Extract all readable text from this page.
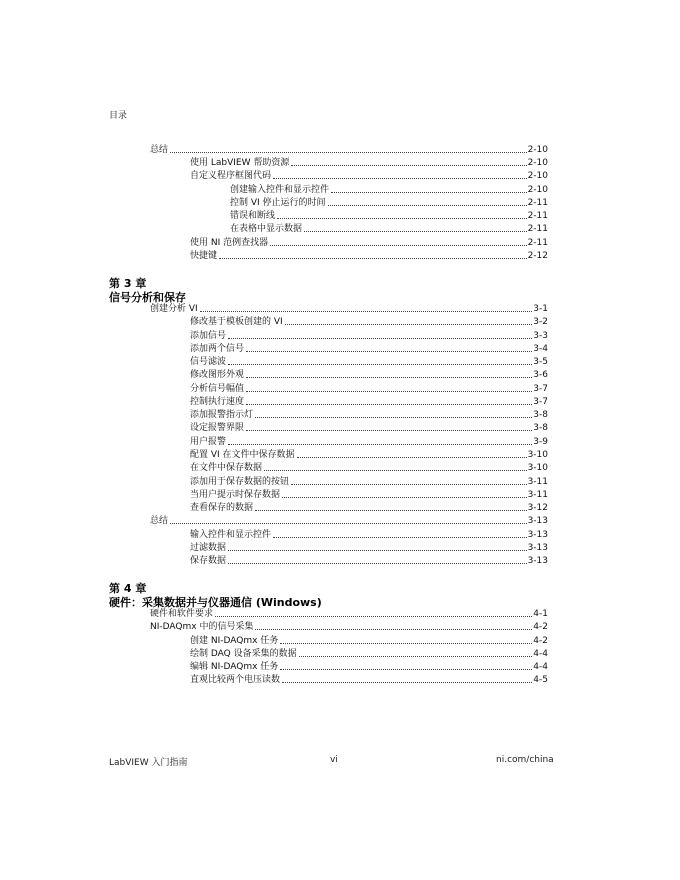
目录
总结	2-10
使用 LabVIEW 帮助资源	2-10
自定义程序框图代码	2-10
创建输入控件和显示控件	2-10
控制 VI 停止运行的时间	2-11
错误和断线	2-11
在表格中显示数据	2-11
使用 NI 范例查找器	2-11
快捷键	2-12
第 3 章
信号分析和保存
创建分析 VI	3-1
修改基于模板创建的 VI	3-2
添加信号	3-3
添加两个信号	3-4
信号滤波	3-5
修改图形外观	3-6
分析信号幅值	3-7
控制执行速度	3-7
添加报警指示灯	3-8
设定报警界限	3-8
用户报警	3-9
配置 VI 在文件中保存数据	3-10
在文件中保存数据	3-10
添加用于保存数据的按钮	3-11
当用户提示时保存数据	3-11
查看保存的数据	3-12
总结	3-13
输入控件和显示控件	3-13
过滤数据	3-13
保存数据	3-13
第 4 章
硬件：采集数据并与仪器通信 (Windows)
硬件和软件要求	4-1
NI-DAQmx 中的信号采集	4-2
创建 NI-DAQmx 任务	4-2
绘制 DAQ 设备采集的数据	4-4
编辑 NI-DAQmx 任务	4-4
直观比较两个电压读数	4-5
LabVIEW 入门指南	vi	ni.com/china
